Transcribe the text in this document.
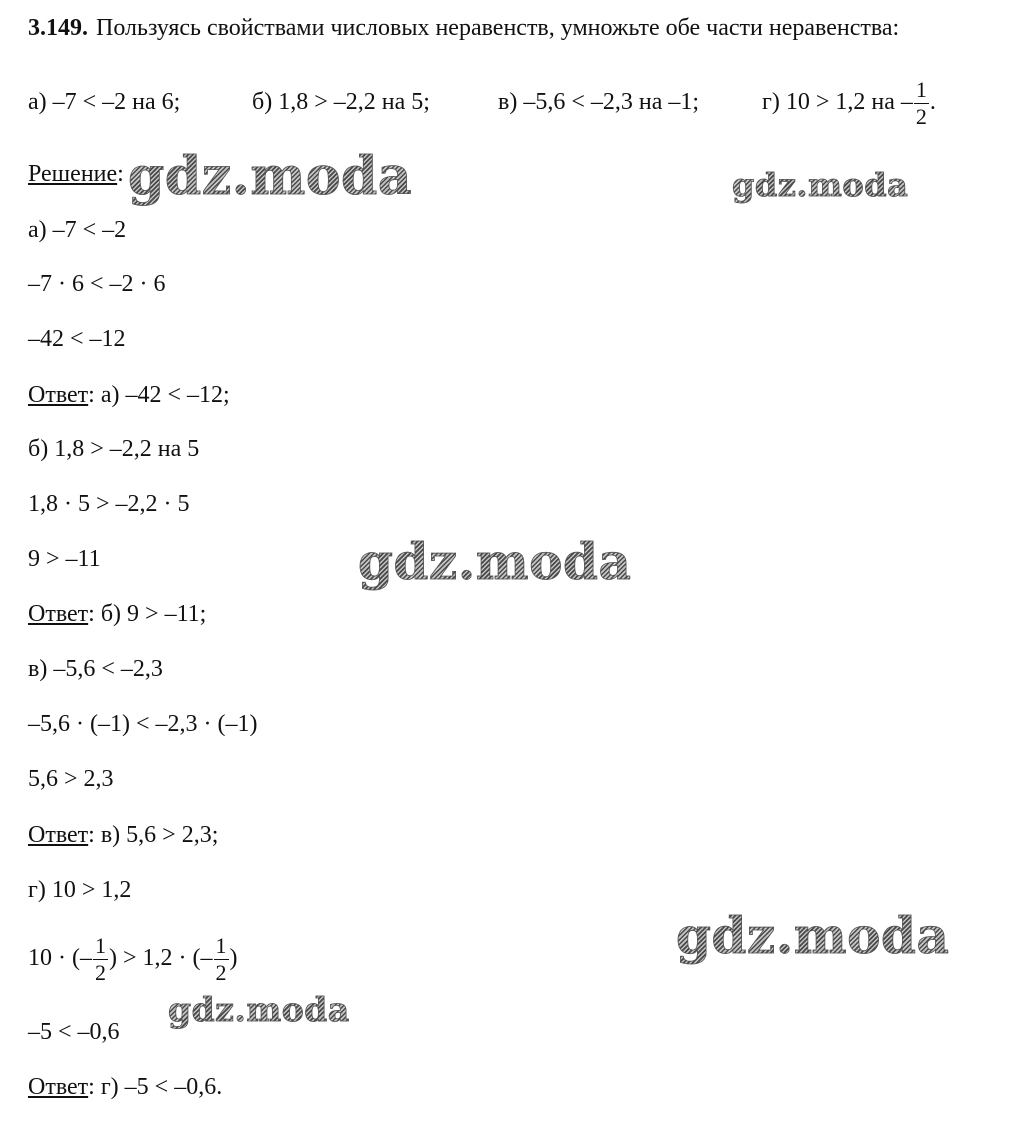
3.149. Пользуясь свойствами числовых неравенств, умножьте обе части неравенства:
а) –7 < –2 на 6;	б) 1,8 > –2,2 на 5;	в) –5,6 < –2,3 на –1;	г) 10 > 1,2 на – $\frac{1}{2}$ .
Решение:
а) –7 < –2
–7 · 6 < –2 · 6
–42 < –12
Ответ: а) –42 < –12;
б) 1,8 > –2,2 на 5
1,8 · 5 > –2,2 · 5
9 > –11
Ответ: б) 9 > –11;
в) –5,6 < –2,3
–5,6 · (–1) < –2,3 · (–1)
5,6 > 2,3
Ответ: в) 5,6 > 2,3;
г) 10 > 1,2
10 · (– $\frac{1}{2}$ ) > 1,2 · (– $\frac{1}{2}$ )
–5 < –0,6
Ответ: г) –5 < –0,6.
gdz.moda	gdz.moda
gdz.moda
gdz.moda
gdz.moda
